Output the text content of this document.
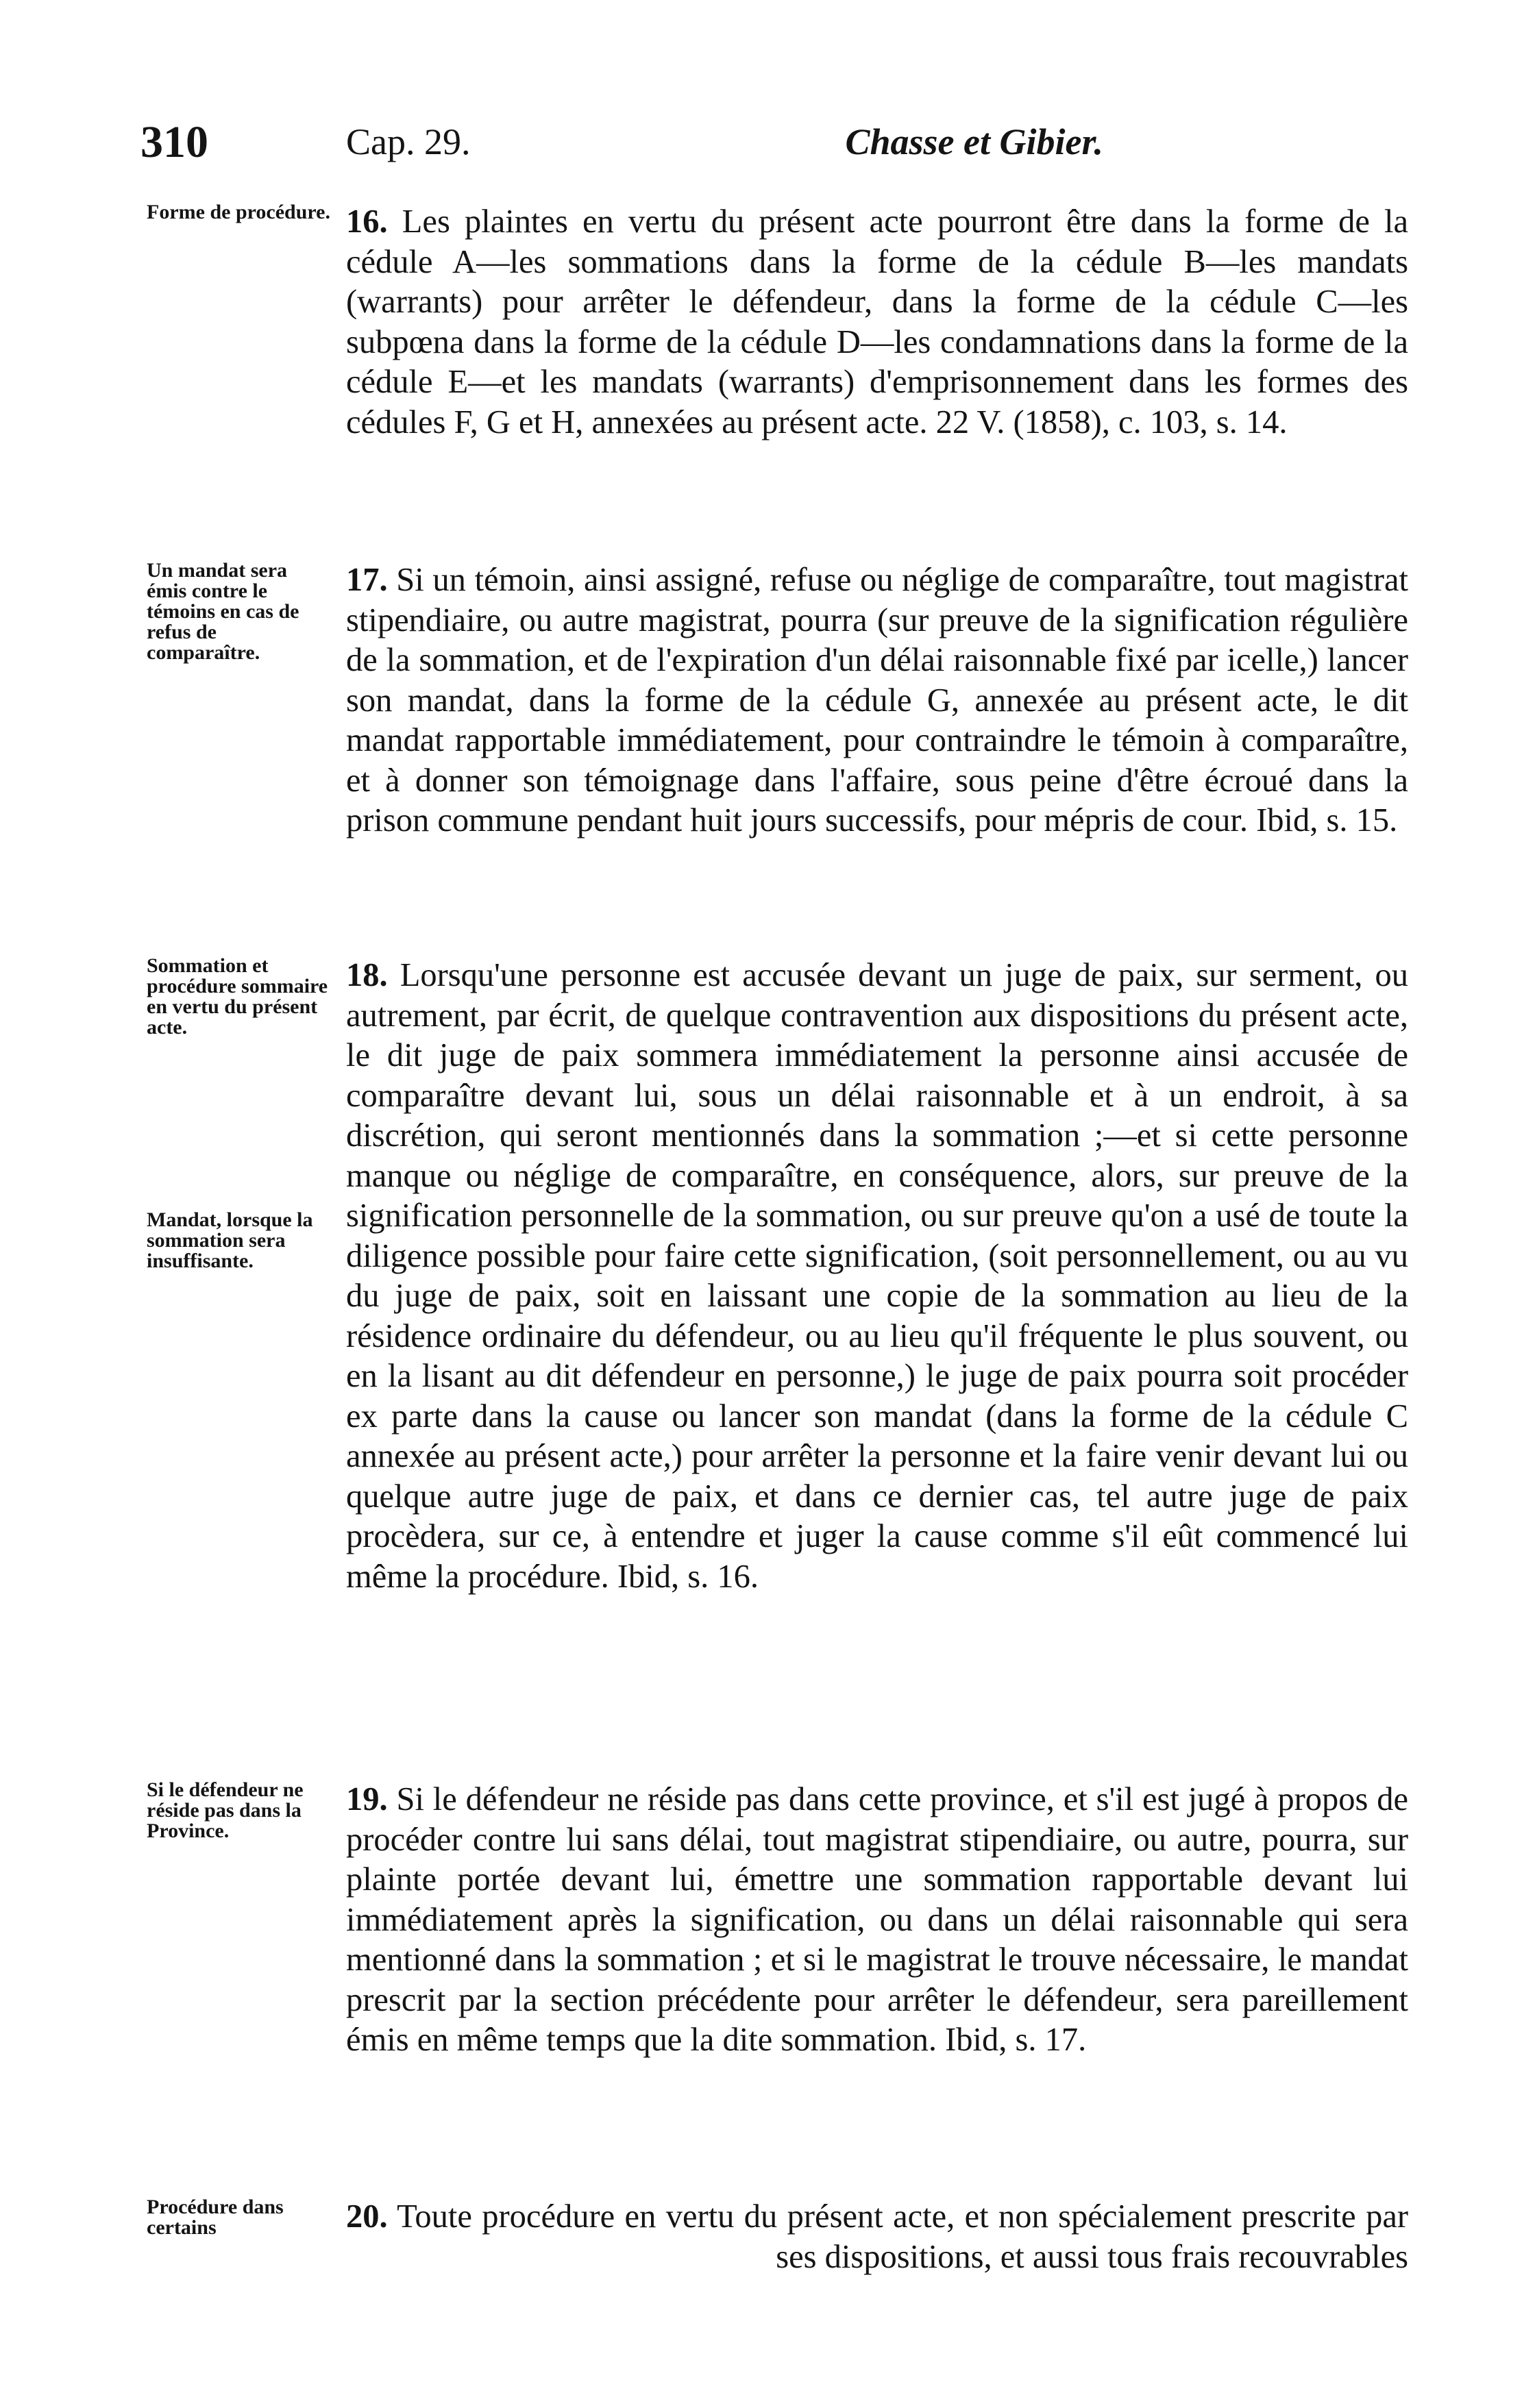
310	Cap. 29.	Chasse et Gibier.
Forme de procédure. 16. Les plaintes en vertu du présent acte pourront être dans la forme de la cédule A—les sommations dans la forme de la cédule B—les mandats (warrants) pour arrêter le défendeur, dans la forme de la cédule C—les subpœna dans la forme de la cédule D—les condamnations dans la forme de la cédule E—et les mandats (warrants) d'emprisonnement dans les formes des cédules F, G et H, annexées au présent acte. 22 V. (1858), c. 103, s. 14.
Un mandat sera émis contre le témoins en cas de refus de comparaître.
17. Si un témoin, ainsi assigné, refuse ou néglige de comparaître, tout magistrat stipendiaire, ou autre magistrat, pourra (sur preuve de la signification régulière de la sommation, et de l'expiration d'un délai raisonnable fixé par icelle,) lancer son mandat, dans la forme de la cédule G, annexée au présent acte, le dit mandat rapportable immédiatement, pour contraindre le témoin à comparaître, et à donner son témoignage dans l'affaire, sous peine d'être écroué dans la prison commune pendant huit jours successifs, pour mépris de cour. Ibid, s. 15.
Sommation et procédure sommaire en vertu du présent acte.
Mandat, lorsque la sommation sera insuffisante.
18. Lorsqu'une personne est accusée devant un juge de paix, sur serment, ou autrement, par écrit, de quelque contravention aux dispositions du présent acte, le dit juge de paix sommera immédiatement la personne ainsi accusée de comparaître devant lui, sous un délai raisonnable et à un endroit, à sa discrétion, qui seront mentionnés dans la sommation ;—et si cette personne manque ou néglige de comparaître, en conséquence, alors, sur preuve de la signification personnelle de la sommation, ou sur preuve qu'on a usé de toute la diligence possible pour faire cette signification, (soit personnellement, ou au vu du juge de paix, soit en laissant une copie de la sommation au lieu de la résidence ordinaire du défendeur, ou au lieu qu'il fréquente le plus souvent, ou en la lisant au dit défendeur en personne,) le juge de paix pourra soit procéder ex parte dans la cause ou lancer son mandat (dans la forme de la cédule C annexée au présent acte,) pour arrêter la personne et la faire venir devant lui ou quelque autre juge de paix, et dans ce dernier cas, tel autre juge de paix procèdera, sur ce, à entendre et juger la cause comme s'il eût commencé lui même la procédure. Ibid, s. 16.
Si le défendeur ne réside pas dans la Province.
19. Si le défendeur ne réside pas dans cette province, et s'il est jugé à propos de procéder contre lui sans délai, tout magistrat stipendiaire, ou autre, pourra, sur plainte portée devant lui, émettre une sommation rapportable devant lui immédiatement après la signification, ou dans un délai raisonnable qui sera mentionné dans la sommation ; et si le magistrat le trouve nécessaire, le mandat prescrit par la section précédente pour arrêter le défendeur, sera pareillement émis en même temps que la dite sommation. Ibid, s. 17.
Procédure dans certains	20. Toute procédure en vertu du présent acte, et non spécialement prescrite par ses dispositions, et aussi tous frais recouvrables
